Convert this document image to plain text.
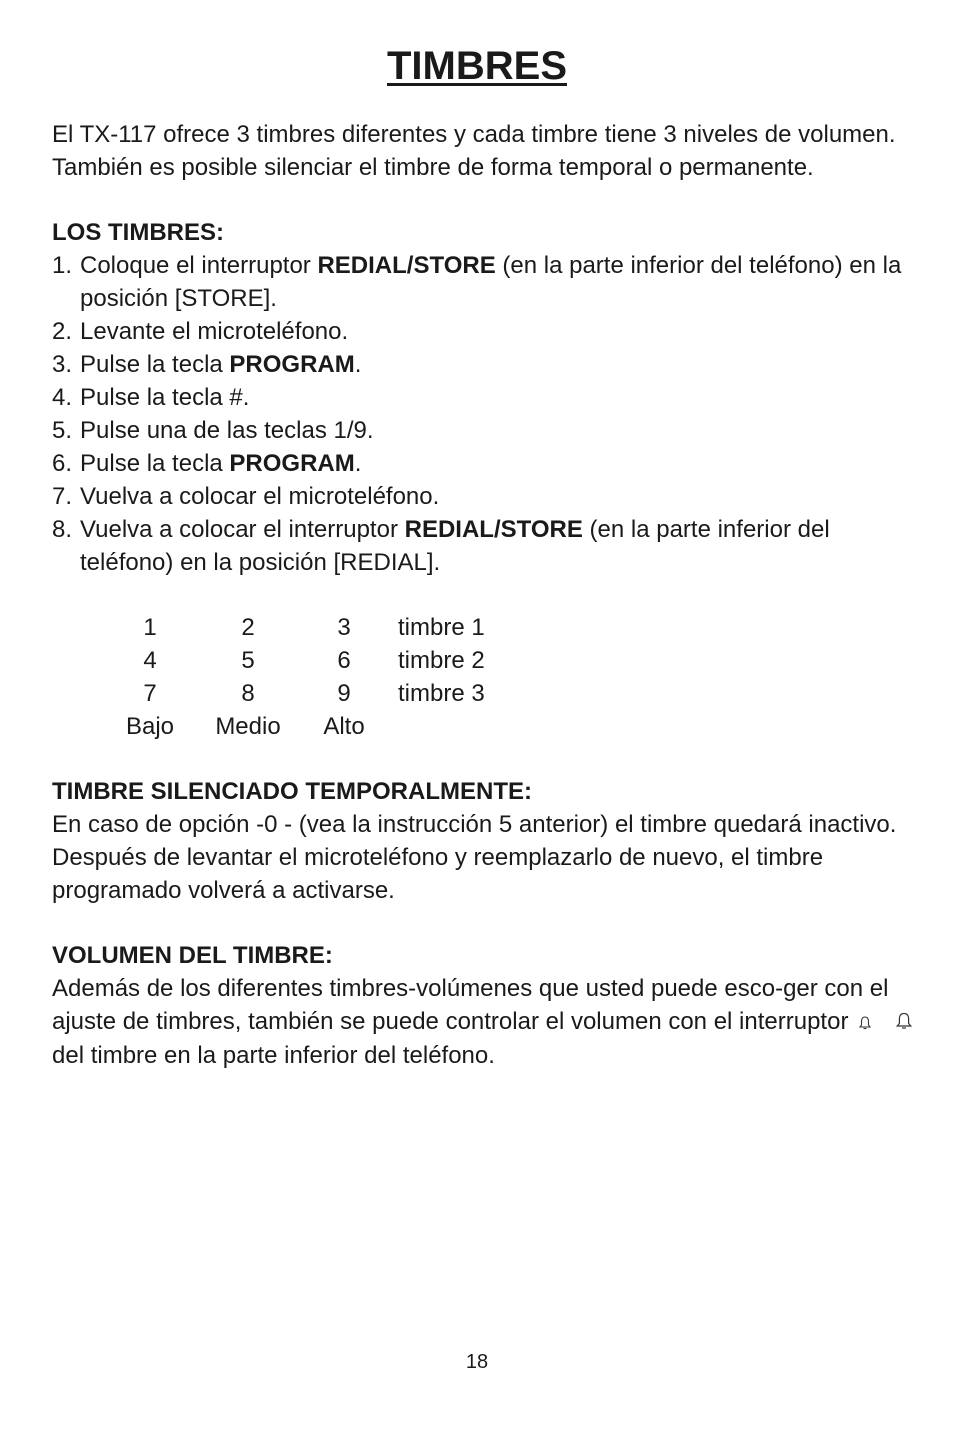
TIMBRES

El TX-117 ofrece 3 timbres diferentes y cada timbre tiene 3 niveles de volumen. También es posible silenciar el timbre de forma temporal o permanente.

LOS TIMBRES:

1. Coloque el interruptor REDIAL/STORE (en la parte inferior del teléfono) en la posición [STORE].
2. Levante el microteléfono.
3. Pulse la tecla PROGRAM.
4. Pulse la tecla #.
5. Pulse una de las teclas 1/9.
6. Pulse la tecla PROGRAM.
7. Vuelva a colocar el microteléfono.
8. Vuelva a colocar el interruptor REDIAL/STORE (en la parte inferior del teléfono) en la posición [REDIAL].
1	2	3	timbre 1
4	5	6	timbre 2
7	8	9	timbre 3
Bajo	Medio	Alto	

TIMBRE SILENCIADO TEMPORALMENTE:

En caso de opción -0 - (vea la instrucción 5 anterior) el timbre quedará inactivo. Después de levantar el microteléfono y reemplazarlo de nuevo, el timbre programado volverá a activarse.

VOLUMEN DEL TIMBRE:

Además de los diferentes timbres-volúmenes que usted puede esco-ger con el ajuste de timbres, también se puede controlar el volumen con el interruptor   del timbre en la parte inferior del teléfono.

18
